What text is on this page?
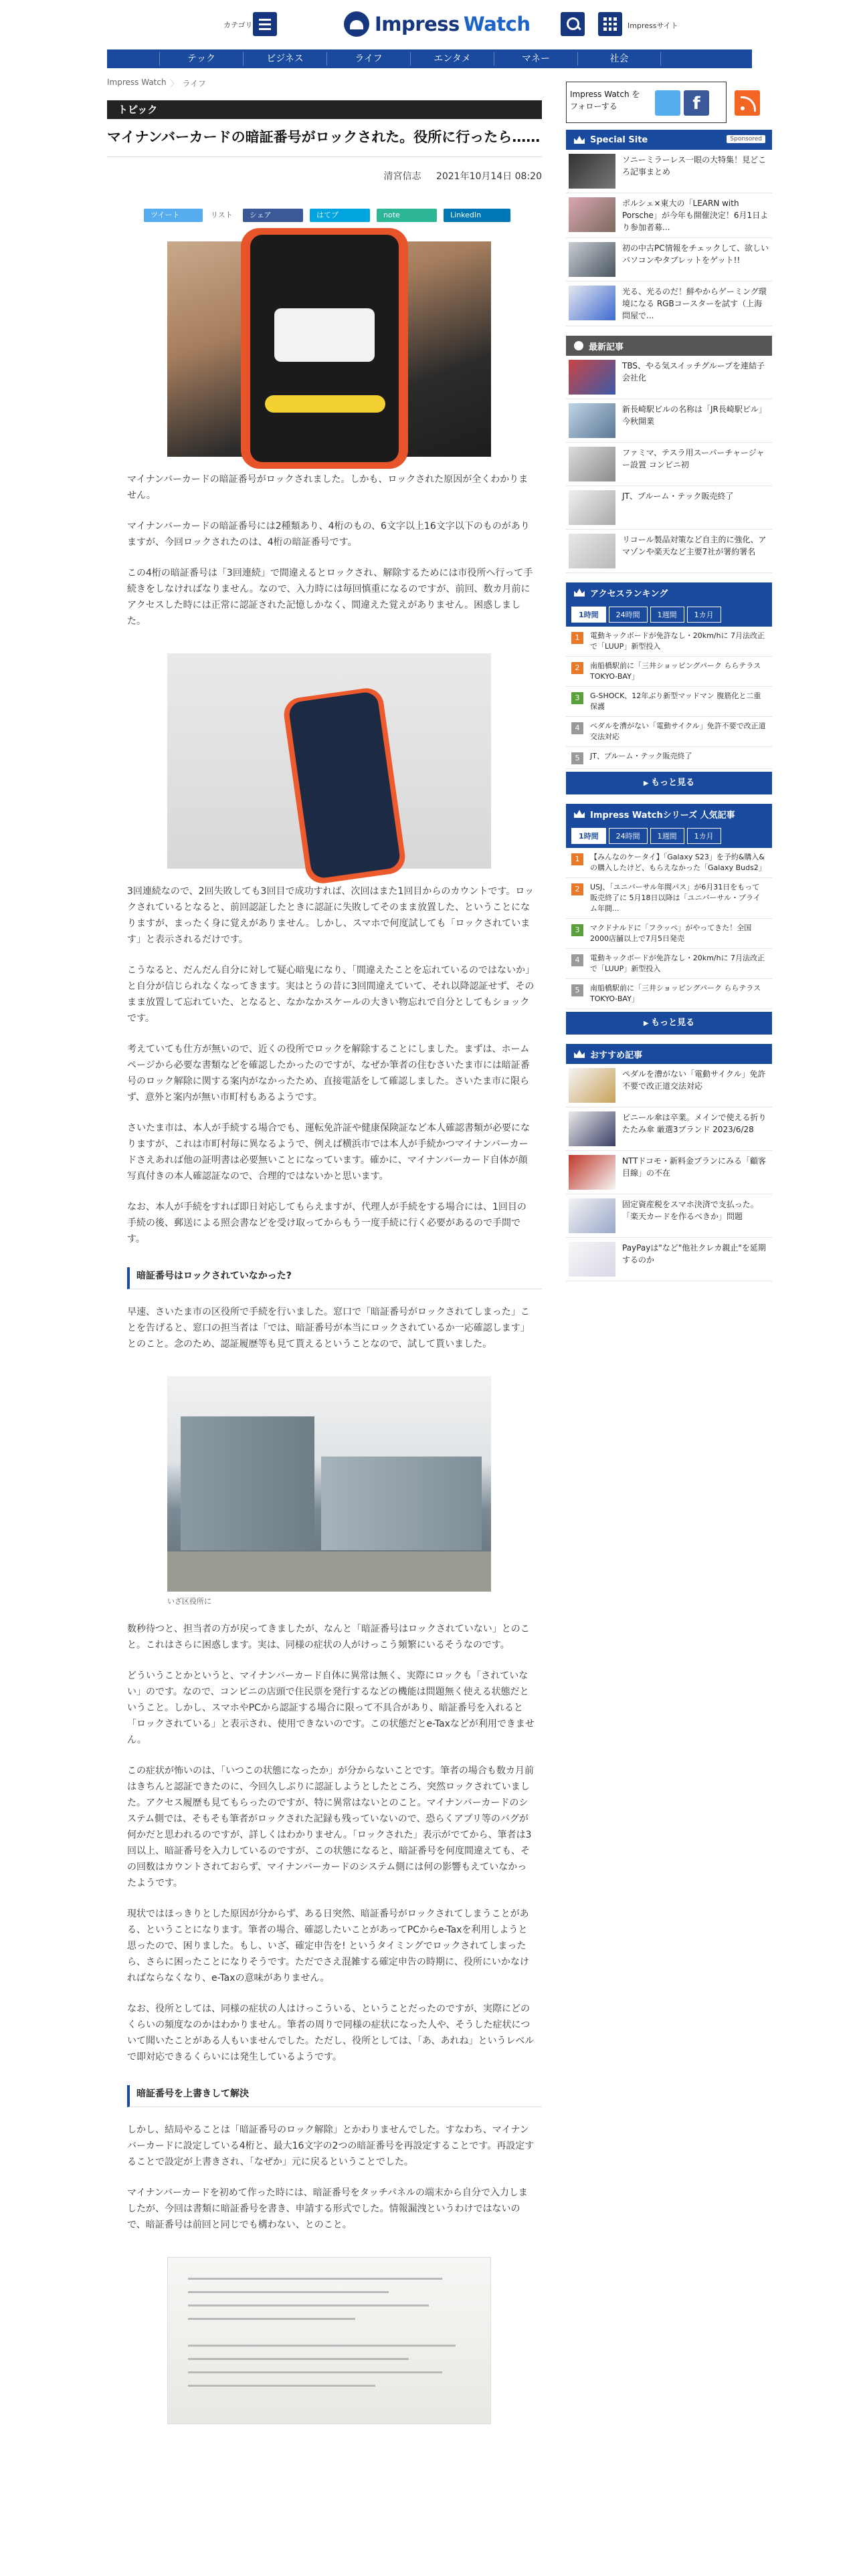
カテゴリ	Impress Watch	Impressサイト
テック	ビジネス	ライフ	エンタメ	マネー	社会
Impress Watch 〉 ライフ
トピック
マイナンバーカードの暗証番号がロックされた。役所に行ったら……
清宮信志 2021年10月14日 08:20
ツイート	リスト	シェア	はてブ	note	LinkedIn

マイナンバーカードの暗証番号がロックされました。しかも、ロックされた原因が全くわかりません。

マイナンバーカードの暗証番号には2種類あり、4桁のもの、6文字以上16文字以下のものがありますが、今回ロックされたのは、4桁の暗証番号です。

この4桁の暗証番号は「3回連続」で間違えるとロックされ、解除するためには市役所へ行って手続きをしなければなりません。なので、入力時には毎回慎重になるのですが、前回、数カ月前にアクセスした時には正常に認証された記憶しかなく、間違えた覚えがありません。困惑しました。

3回連続なので、2回失敗しても3回目で成功すれば、次回はまた1回目からのカウントです。ロックされているとなると、前回認証したときに認証に失敗してそのまま放置した、ということになりますが、まったく身に覚えがありません。しかし、スマホで何度試しても「ロックされています」と表示されるだけです。

こうなると、だんだん自分に対して疑心暗鬼になり、「間違えたことを忘れているのではないか」と自分が信じられなくなってきます。実はとうの昔に3回間違えていて、それ以降認証せず、そのまま放置して忘れていた、となると、なかなかスケールの大きい物忘れで自分としてもショックです。

考えていても仕方が無いので、近くの役所でロックを解除することにしました。まずは、ホームページから必要な書類などを確認したかったのですが、なぜか筆者の住むさいたま市には暗証番号のロック解除に関する案内がなかったため、直接電話をして確認しました。さいたま市に限らず、意外と案内が無い市町村もあるようです。

さいたま市は、本人が手続する場合でも、運転免許証や健康保険証など本人確認書類が必要になりますが、これは市町村毎に異なるようで、例えば横浜市では本人が手続かつマイナンバーカードさえあれば他の証明書は必要無いことになっています。確かに、マイナンバーカード自体が顔写真付きの本人確認証なので、合理的ではないかと思います。

なお、本人が手続をすれば即日対応してもらえますが、代理人が手続をする場合には、1回目の手続の後、郵送による照会書などを受け取ってからもう一度手続に行く必要があるので手間です。

暗証番号はロックされていなかった?

早速、さいたま市の区役所で手続を行いました。窓口で「暗証番号がロックされてしまった」ことを告げると、窓口の担当者は「では、暗証番号が本当にロックされているか一応確認します」とのこと。念のため、認証履歴等も見て貰えるということなので、試して貰いました。

いざ区役所に

数秒待つと、担当者の方が戻ってきましたが、なんと「暗証番号はロックされていない」とのこと。これはさらに困惑します。実は、同様の症状の人がけっこう頻繁にいるそうなのです。

どういうことかというと、マイナンバーカード自体に異常は無く、実際にロックも「されていない」のです。なので、コンビニの店頭で住民票を発行するなどの機能は問題無く使える状態だということ。しかし、スマホやPCから認証する場合に限って不具合があり、暗証番号を入れると「ロックされている」と表示され、使用できないのです。この状態だとe-Taxなどが利用できません。

この症状が怖いのは、「いつこの状態になったか」が分からないことです。筆者の場合も数カ月前はきちんと認証できたのに、今回久しぶりに認証しようとしたところ、突然ロックされていました。アクセス履歴も見てもらったのですが、特に異常はないとのこと。マイナンバーカードのシステム側では、そもそも筆者がロックされた記録も残っていないので、恐らくアプリ等のバグが何かだと思われるのですが、詳しくはわかりません。「ロックされた」表示がでてから、筆者は3回以上、暗証番号を入力しているのですが、この状態になると、暗証番号を何度間違えても、その回数はカウントされておらず、マイナンバーカードのシステム側には何の影響もえていなかったようです。

現状ではほっきりとした原因が分からず、ある日突然、暗証番号がロックされてしまうことがある、ということになります。筆者の場合、確認したいことがあってPCからe-Taxを利用しようと思ったので、困りました。もし、いざ、確定申告を! というタイミングでロックされてしまったら、さらに困ったことになりそうです。ただでさえ混雑する確定申告の時期に、役所にいかなければならなくなり、e-Taxの意味がありません。

なお、役所としては、同様の症状の人はけっこういる、ということだったのですが、実際にどのくらいの頻度なのかはわかりません。筆者の周りで同様の症状になった人や、そうした症状について聞いたことがある人もいませんでした。ただし、役所としては、「あ、あれね」というレベルで即対応できるくらいには発生しているようです。

暗証番号を上書きして解決

しかし、結局やることは「暗証番号のロック解除」とかわりませんでした。すなわち、マイナンバーカードに設定している4桁と、最大16文字の2つの暗証番号を再設定することです。再設定することで設定が上書きされ、「なぜか」元に戻るということでした。

マイナンバーカードを初めて作った時には、暗証番号をタッチパネルの端末から自分で入力しましたが、今回は書類に暗証番号を書き、申請する形式でした。情報漏洩というわけではないので、暗証番号は前回と同じでも構わない、とのこと。

Impress Watch を
フォローする	f
Special Site	Sponsored
ソニーミラーレス一眼の大特集！見どころ記事まとめ
ポルシェ×東大の「LEARN with Porsche」が今年も開催決定！6月1日より参加者募...
初の中古PC情報をチェックして、欲しいパソコンやタブレットをゲット!!
光る、光るのだ！鮮やからゲーミング環境になる RGBコースターを試す（上海問屋で...
最新記事
TBS、やる気スイッチグループを連結子会社化
新長崎駅ビルの名称は「JR長崎駅ビル」 今秋開業
ファミマ、テスラ用スーパーチャージャー設置 コンビニ初
JT、プルーム・テック販売終了
リコール製品対策など自主的に強化、アマゾンや楽天など主要7社が署約署名
アクセスランキング
1時間	24時間	1週間	1カ月
1	電動キックボードが免許なし・20km/hに 7月法改正で「LUUP」新型投入
2	南船橋駅前に「三井ショッピングパーク ららテラス TOKYO-BAY」
3	G-SHOCK、12年ぶり新型マッドマン 腹筋化と二重保護
4	ペダルを漕がない「電動サイクル」免許不要で改正道交法対応
5	JT、プルーム・テック販売終了
▶ もっと見る
Impress Watchシリーズ 人気記事
1時間	24時間	1週間	1カ月
1	【みんなのケータイ】「Galaxy S23」を予約&購入&の購入したけど、もらえなかった「Galaxy Buds2」
2	USJ、「ユニバーサル年間パス」が6月31日をもって販売終了に 5月18日以降は「ユニバーサル・プライム年間...
3	マクドナルドに「フラッペ」がやってきた！全国2000店舗以上で7月5日発売
4	電動キックボードが免許なし・20km/hに 7月法改正で「LUUP」新型投入
5	南船橋駅前に「三井ショッピングパーク ららテラス TOKYO-BAY」
▶ もっと見る
おすすめ記事
ペダルを漕がない「電動サイクル」免許不要で改正道交法対応
ビニール傘は卒業。メインで使える折りたたみ傘 厳選3ブランド 2023/6/28
NTTドコモ・新料金プランにみる「顧客目線」の不在
固定資産税をスマホ決済で支払った。「楽天カードを作るべきか」問題
PayPayは"など"他社クレカ親止"を延期するのか
